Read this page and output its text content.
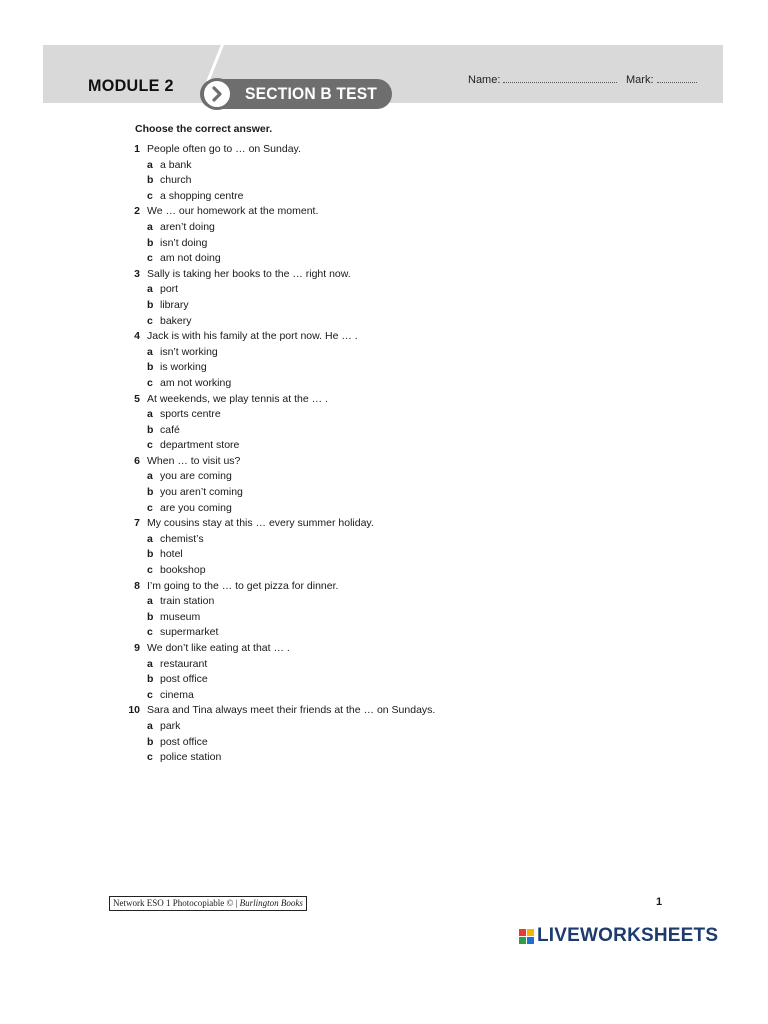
MODULE 2	SECTION B TEST
Name:	Mark:
Choose the correct answer.
1 People often go to … on Sunday.
a a bank
b church
c a shopping centre
2 We … our homework at the moment.
a aren’t doing
b isn’t doing
c am not doing
3 Sally is taking her books to the … right now.
a port
b library
c bakery
4 Jack is with his family at the port now. He … .
a isn’t working
b is working
c am not working
5 At weekends, we play tennis at the … .
a sports centre
b café
c department store
6 When … to visit us?
a you are coming
b you aren’t coming
c are you coming
7 My cousins stay at this … every summer holiday.
a chemist’s
b hotel
c bookshop
8 I’m going to the … to get pizza for dinner.
a train station
b museum
c supermarket
9 We don’t like eating at that … .
a restaurant
b post office
c cinema
10 Sara and Tina always meet their friends at the … on Sundays.
a park
b post office
c police station
Network ESO 1 Photocopiable © | Burlington Books	1
LIVEWORKSHEETS
